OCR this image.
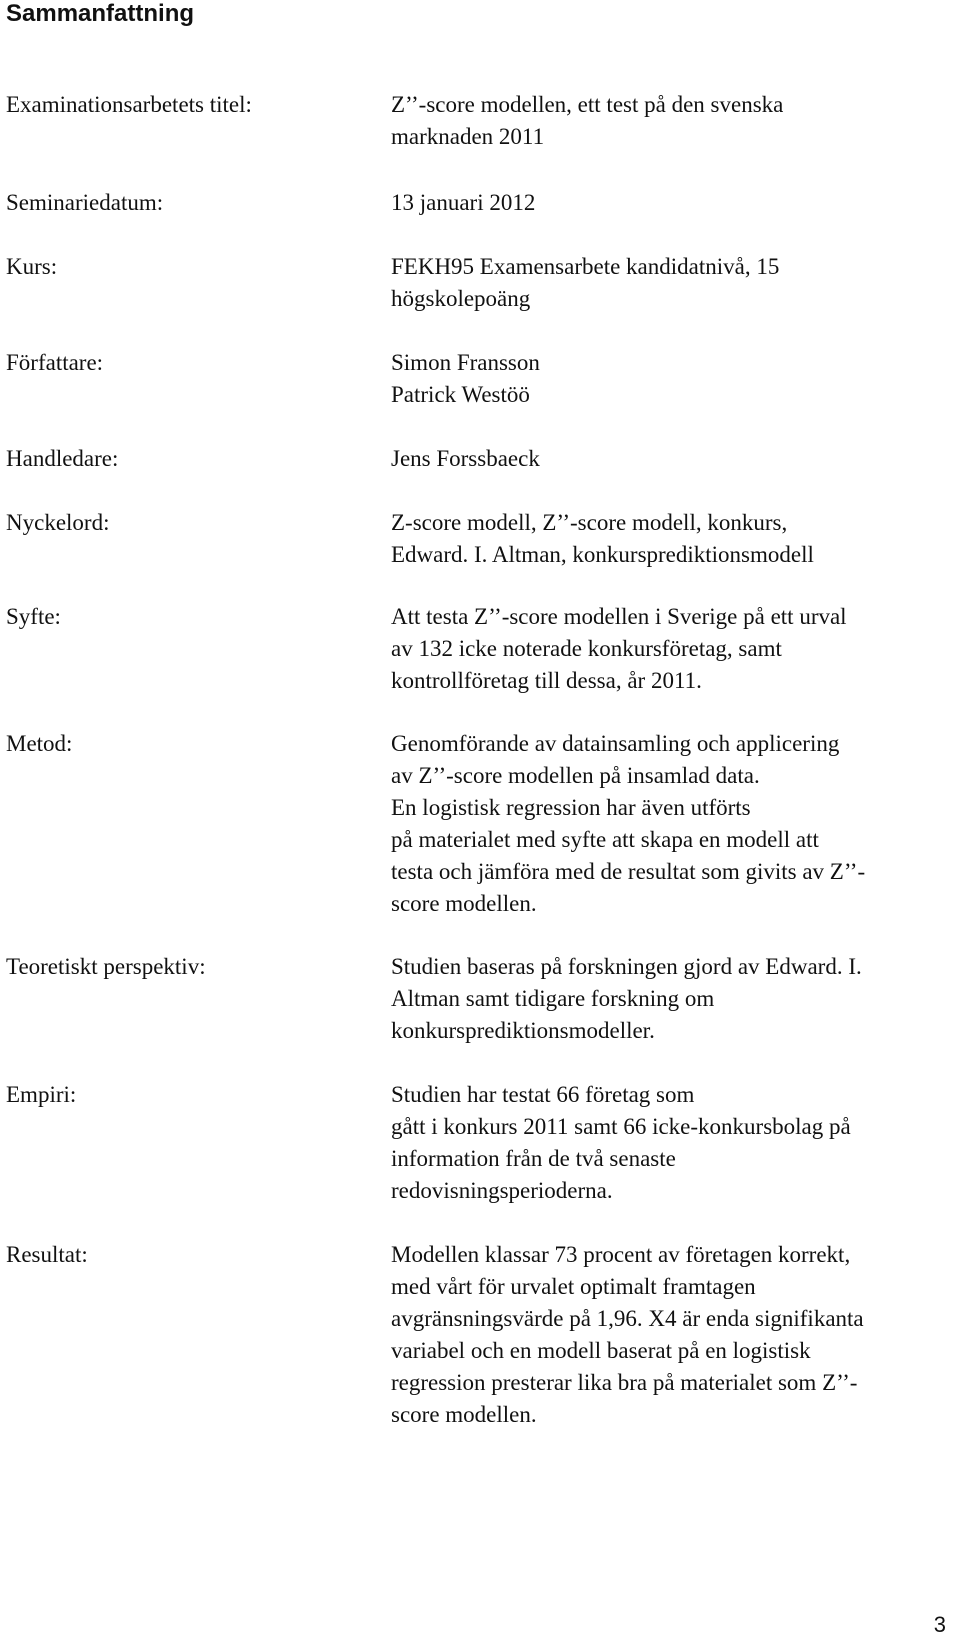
Sammanfattning
Examinationsarbetets titel:	Z’’-score modellen, ett test på den svenska
marknaden 2011
Seminariedatum:	13 januari 2012
Kurs:	FEKH95 Examensarbete kandidatnivå, 15
högskolepoäng
Författare:	Simon Fransson
Patrick Westöö
Handledare:	Jens Forssbaeck
Nyckelord:	Z-score modell, Z’’-score modell, konkurs,
Edward. I. Altman, konkursprediktionsmodell
Syfte:	Att testa Z’’-score modellen i Sverige på ett urval
av 132 icke noterade konkursföretag, samt
kontrollföretag till dessa, år 2011.
Metod:	Genomförande av datainsamling och applicering
av Z’’-score modellen på insamlad data.
En logistisk regression har även utförts
på materialet med syfte att skapa en modell att
testa och jämföra med de resultat som givits av Z’’-
score modellen.
Teoretiskt perspektiv:	Studien baseras på forskningen gjord av Edward. I.
Altman samt tidigare forskning om
konkursprediktionsmodeller.
Empiri:	Studien har testat 66 företag som
gått i konkurs 2011 samt 66 icke-konkursbolag på
information från de två senaste
redovisningsperioderna.
Resultat:	Modellen klassar 73 procent av företagen korrekt,
med vårt för urvalet optimalt framtagen
avgränsningsvärde på 1,96. X4 är enda signifikanta
variabel och en modell baserat på en logistisk
regression presterar lika bra på materialet som Z’’-
score modellen.
3
